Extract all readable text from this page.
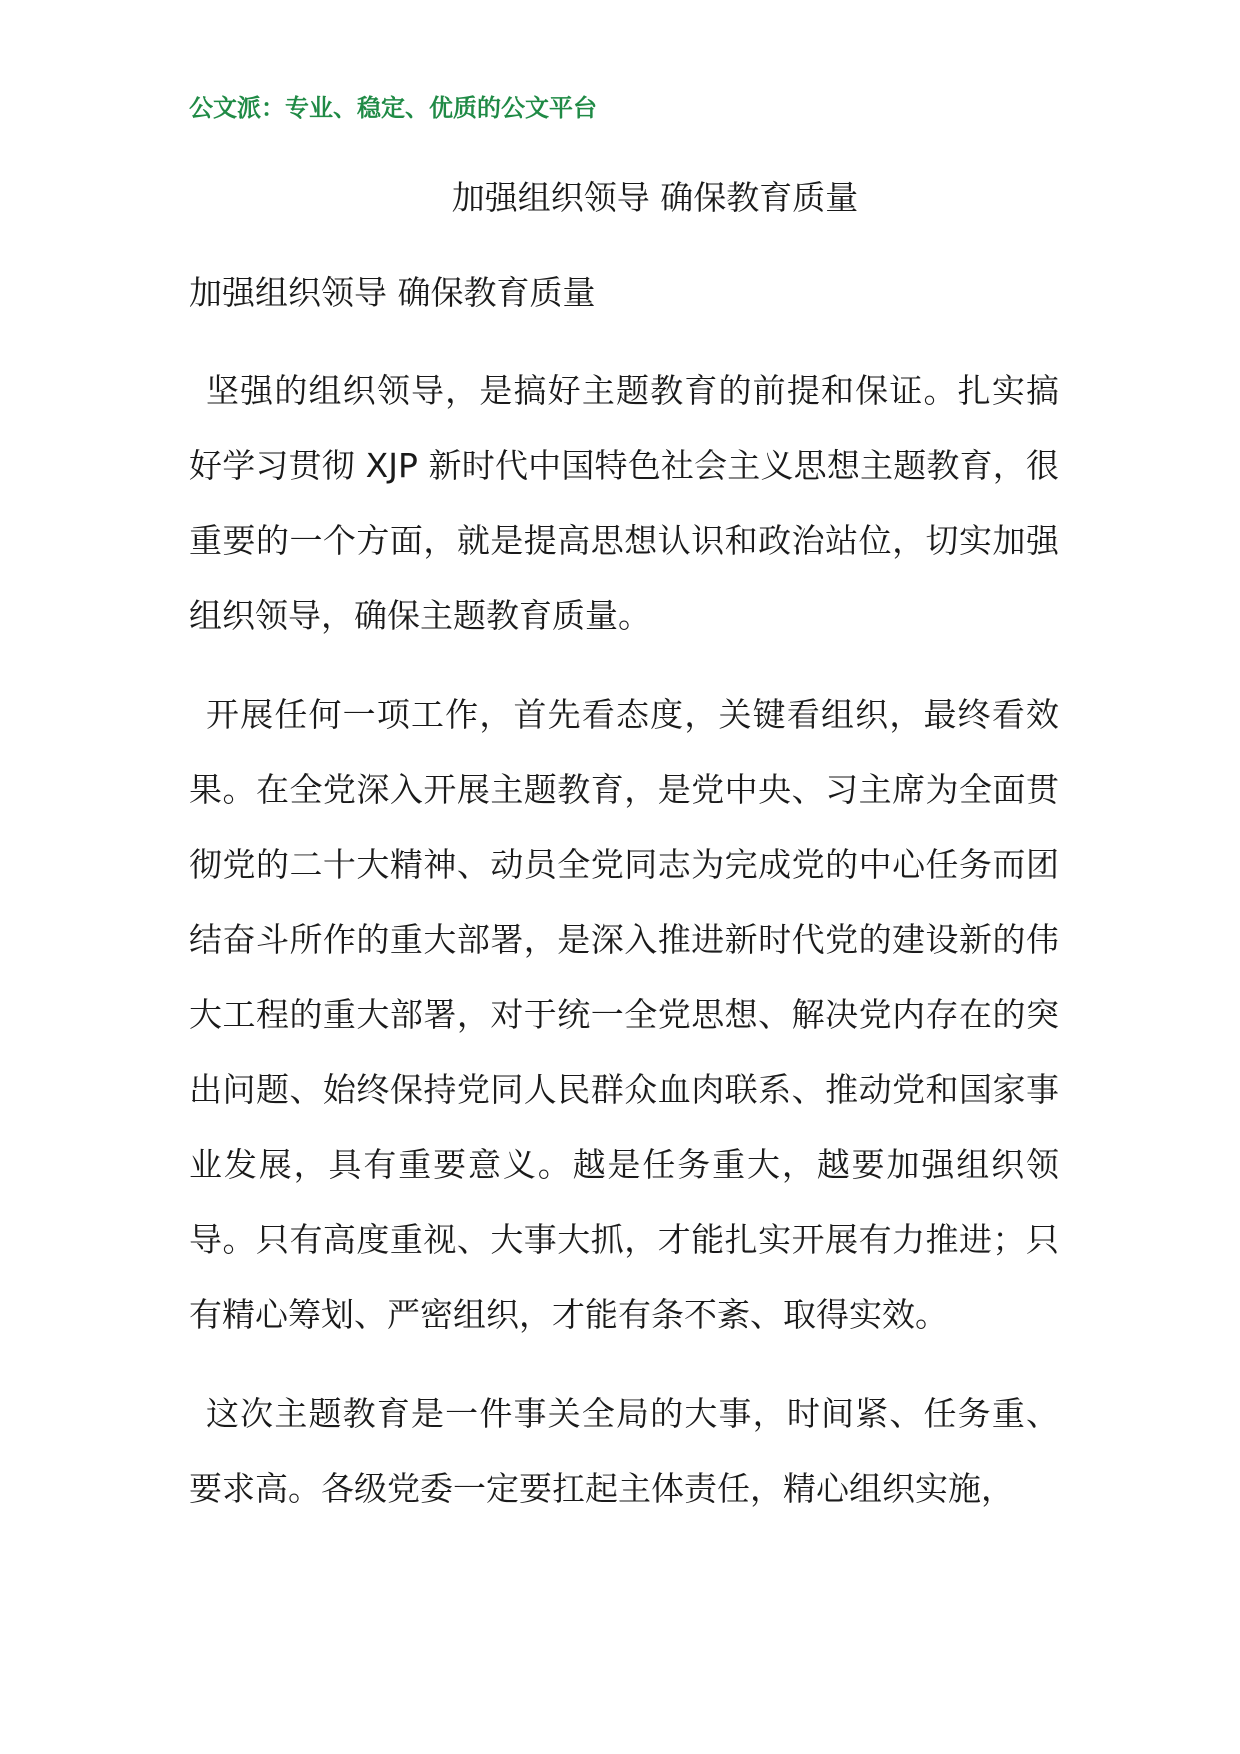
公文派：专业、稳定、优质的公文平台
加强组织领导 确保教育质量
加强组织领导 确保教育质量

坚强的组织领导，是搞好主题教育的前提和保证。扎实搞好学习贯彻 XJP 新时代中国特色社会主义思想主题教育，很重要的一个方面，就是提高思想认识和政治站位，切实加强组织领导，确保主题教育质量。

开展任何一项工作，首先看态度，关键看组织，最终看效果。在全党深入开展主题教育，是党中央、习主席为全面贯彻党的二十大精神、动员全党同志为完成党的中心任务而团结奋斗所作的重大部署，是深入推进新时代党的建设新的伟大工程的重大部署，对于统一全党思想、解决党内存在的突出问题、始终保持党同人民群众血肉联系、推动党和国家事业发展，具有重要意义。越是任务重大，越要加强组织领导。只有高度重视、大事大抓，才能扎实开展有力推进；只有精心筹划、严密组织，才能有条不紊、取得实效。

这次主题教育是一件事关全局的大事，时间紧、任务重、要求高。各级党委一定要扛起主体责任，精心组织实施，
